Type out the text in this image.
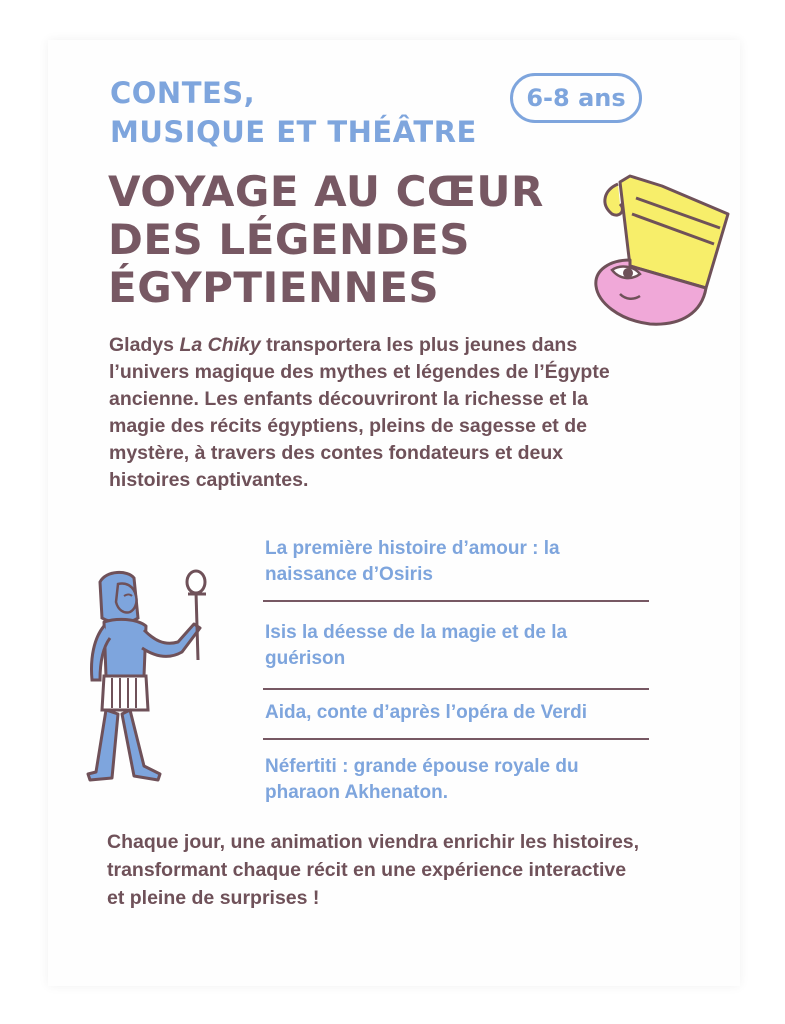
CONTES,
MUSIQUE ET THÉÂTRE
6-8 ans
VOYAGE AU CŒUR
DES LÉGENDES
ÉGYPTIENNES

Gladys La Chiky transportera les plus jeunes dans l’univers magique des mythes et légendes de l’Égypte ancienne. Les enfants découvriront la richesse et la magie des récits égyptiens, pleins de sagesse et de mystère, à travers des contes fondateurs et deux histoires captivantes.

La première histoire d’amour : la naissance d’Osiris
Isis la déesse de la magie et de la guérison
Aida, conte d’après l’opéra de Verdi
Néfertiti : grande épouse royale du pharaon Akhenaton.
Chaque jour, une animation viendra enrichir les histoires, transformant chaque récit en une expérience interactive et pleine de surprises !
